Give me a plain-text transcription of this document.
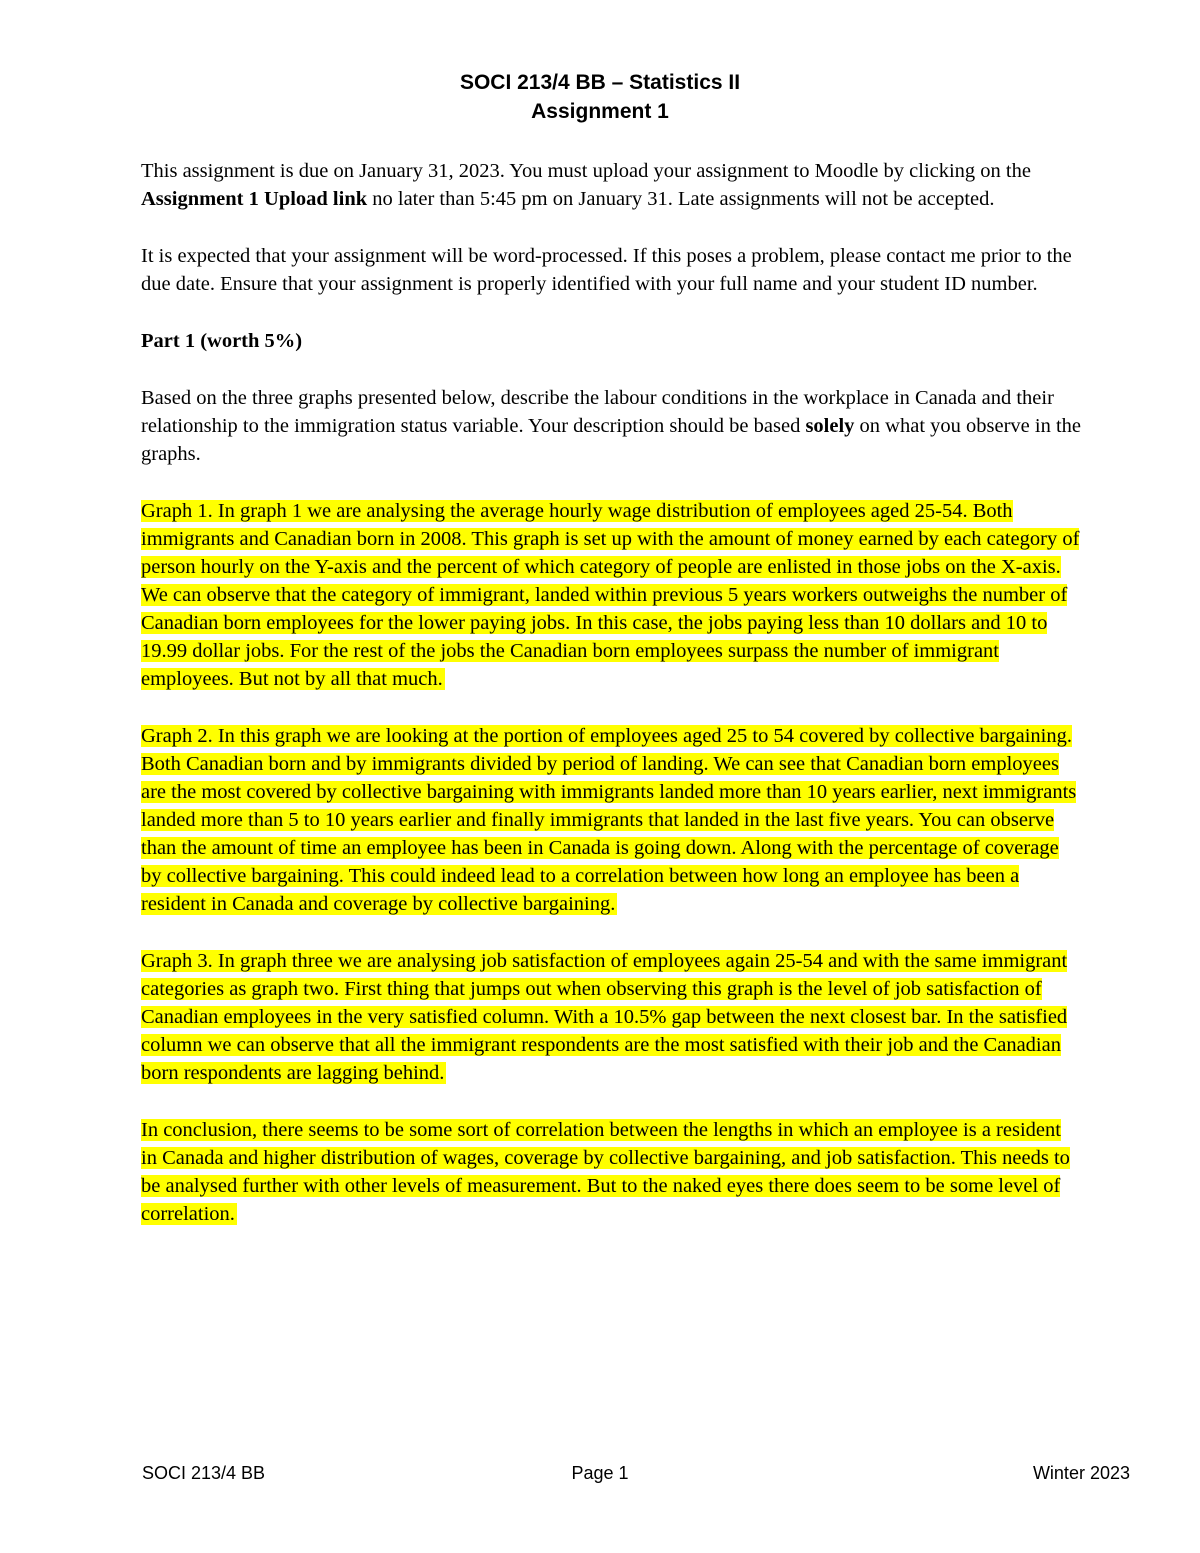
SOCI 213/4 BB – Statistics II
Assignment 1

This assignment is due on January 31, 2023. You must upload your assignment to Moodle by clicking on the Assignment 1 Upload link no later than 5:45 pm on January 31. Late assignments will not be accepted.

It is expected that your assignment will be word-processed. If this poses a problem, please contact me prior to the due date. Ensure that your assignment is properly identified with your full name and your student ID number.

Part 1 (worth 5%)

Based on the three graphs presented below, describe the labour conditions in the workplace in Canada and their relationship to the immigration status variable. Your description should be based solely on what you observe in the graphs.

Graph 1. In graph 1 we are analysing the average hourly wage distribution of employees aged 25-54. Both immigrants and Canadian born in 2008. This graph is set up with the amount of money earned by each category of person hourly on the Y-axis and the percent of which category of people are enlisted in those jobs on the X-axis. We can observe that the category of immigrant, landed within previous 5 years workers outweighs the number of Canadian born employees for the lower paying jobs. In this case, the jobs paying less than 10 dollars and 10 to 19.99 dollar jobs. For the rest of the jobs the Canadian born employees surpass the number of immigrant employees. But not by all that much.

Graph 2. In this graph we are looking at the portion of employees aged 25 to 54 covered by collective bargaining. Both Canadian born and by immigrants divided by period of landing. We can see that Canadian born employees are the most covered by collective bargaining with immigrants landed more than 10 years earlier, next immigrants landed more than 5 to 10 years earlier and finally immigrants that landed in the last five years. You can observe than the amount of time an employee has been in Canada is going down. Along with the percentage of coverage by collective bargaining. This could indeed lead to a correlation between how long an employee has been a resident in Canada and coverage by collective bargaining.

Graph 3. In graph three we are analysing job satisfaction of employees again 25-54 and with the same immigrant categories as graph two. First thing that jumps out when observing this graph is the level of job satisfaction of Canadian employees in the very satisfied column. With a 10.5% gap between the next closest bar. In the satisfied column we can observe that all the immigrant respondents are the most satisfied with their job and the Canadian born respondents are lagging behind.

In conclusion, there seems to be some sort of correlation between the lengths in which an employee is a resident in Canada and higher distribution of wages, coverage by collective bargaining, and job satisfaction. This needs to be analysed further with other levels of measurement. But to the naked eyes there does seem to be some level of correlation.

SOCI 213/4 BB	Page 1	Winter 2023
